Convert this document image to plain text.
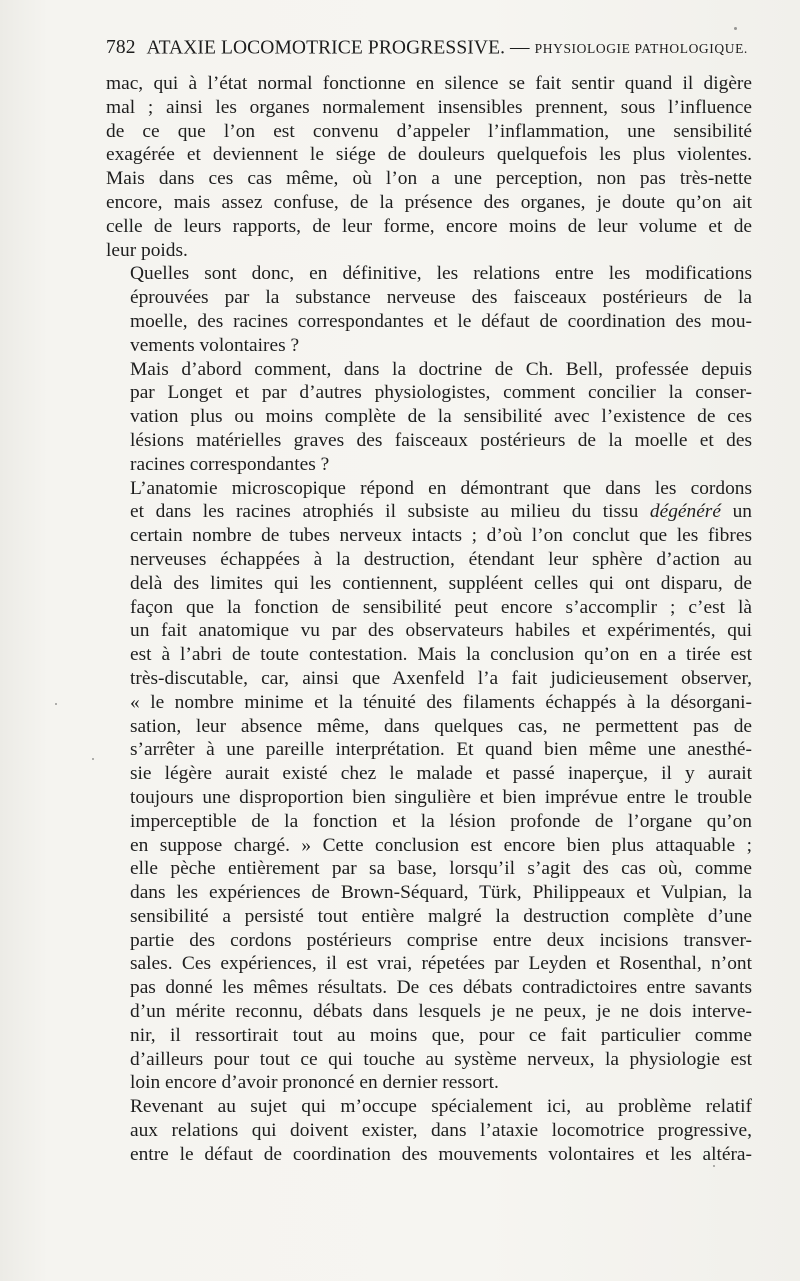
782 ATAXIE LOCOMOTRICE PROGRESSIVE. — PHYSIOLOGIE PATHOLOGIQUE.

mac, qui à l’état normal fonctionne en silence se fait sentir quand il digère
mal ; ainsi les organes normalement insensibles prennent, sous l’influence
de ce que l’on est convenu d’appeler l’inflammation, une sensibilité
exagérée et deviennent le siége de douleurs quelquefois les plus violentes.
Mais dans ces cas même, où l’on a une perception, non pas très-nette
encore, mais assez confuse, de la présence des organes, je doute qu’on ait
celle de leurs rapports, de leur forme, encore moins de leur volume et de
leur poids.

Quelles sont donc, en définitive, les relations entre les modifications
éprouvées par la substance nerveuse des faisceaux postérieurs de la
moelle, des racines correspondantes et le défaut de coordination des mou-
vements volontaires ?

Mais d’abord comment, dans la doctrine de Ch. Bell, professée depuis
par Longet et par d’autres physiologistes, comment concilier la conser-
vation plus ou moins complète de la sensibilité avec l’existence de ces
lésions matérielles graves des faisceaux postérieurs de la moelle et des
racines correspondantes ?

L’anatomie microscopique répond en démontrant que dans les cordons
et dans les racines atrophiés il subsiste au milieu du tissu dégénéré un
certain nombre de tubes nerveux intacts ; d’où l’on conclut que les fibres
nerveuses échappées à la destruction, étendant leur sphère d’action au
delà des limites qui les contiennent, suppléent celles qui ont disparu, de
façon que la fonction de sensibilité peut encore s’accomplir ; c’est là
un fait anatomique vu par des observateurs habiles et expérimentés, qui
est à l’abri de toute contestation. Mais la conclusion qu’on en a tirée est
très-discutable, car, ainsi que Axenfeld l’a fait judicieusement observer,
« le nombre minime et la ténuité des filaments échappés à la désorgani-
sation, leur absence même, dans quelques cas, ne permettent pas de
s’arrêter à une pareille interprétation. Et quand bien même une anesthé-
sie légère aurait existé chez le malade et passé inaperçue, il y aurait
toujours une disproportion bien singulière et bien imprévue entre le trouble
imperceptible de la fonction et la lésion profonde de l’organe qu’on
en suppose chargé. » Cette conclusion est encore bien plus attaquable ;
elle pèche entièrement par sa base, lorsqu’il s’agit des cas où, comme
dans les expériences de Brown-Séquard, Türk, Philippeaux et Vulpian, la
sensibilité a persisté tout entière malgré la destruction complète d’une
partie des cordons postérieurs comprise entre deux incisions transver-
sales. Ces expériences, il est vrai, répetées par Leyden et Rosenthal, n’ont
pas donné les mêmes résultats. De ces débats contradictoires entre savants
d’un mérite reconnu, débats dans lesquels je ne peux, je ne dois interve-
nir, il ressortirait tout au moins que, pour ce fait particulier comme
d’ailleurs pour tout ce qui touche au système nerveux, la physiologie est
loin encore d’avoir prononcé en dernier ressort.

Revenant au sujet qui m’occupe spécialement ici, au problème relatif
aux relations qui doivent exister, dans l’ataxie locomotrice progressive,
entre le défaut de coordination des mouvements volontaires et les altéra-
